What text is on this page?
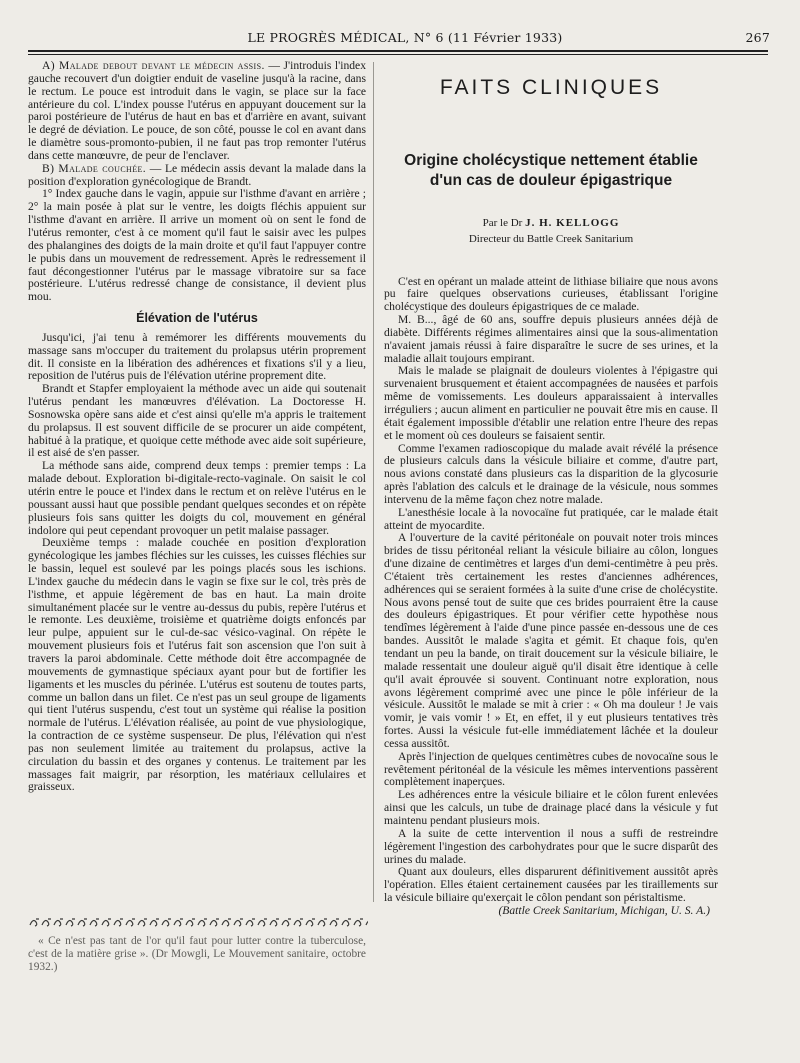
LE PROGRÈS MÉDICAL, N° 6 (11 Février 1933)	267

A) Malade debout devant le médecin assis. — J'introduis l'index gauche recouvert d'un doigtier enduit de vaseline jusqu'à la racine, dans le rectum. Le pouce est introduit dans le vagin, se place sur la face antérieure du col. L'index pousse l'utérus en appuyant doucement sur la paroi postérieure de l'utérus de haut en bas et d'arrière en avant, suivant le degré de déviation. Le pouce, de son côté, pousse le col en avant dans le diamètre sous-promonto-pubien, il ne faut pas trop remonter l'utérus dans cette manœuvre, de peur de l'enclaver.

B) Malade couchée. — Le médecin assis devant la malade dans la position d'exploration gynécologique de Brandt.

1° Index gauche dans le vagin, appuie sur l'isthme d'avant en arrière ; 2° la main posée à plat sur le ventre, les doigts fléchis appuient sur l'isthme d'avant en arrière. Il arrive un moment où on sent le fond de l'utérus remonter, c'est à ce moment qu'il faut le saisir avec les pulpes des phalangines des doigts de la main droite et qu'il faut l'appuyer contre le pubis dans un mouvement de redressement. Après le redressement il faut décongestionner l'utérus par le massage vibratoire sur sa face postérieure. L'utérus redressé change de consistance, il devient plus mou.

Élévation de l'utérus

Jusqu'ici, j'ai tenu à remémorer les différents mouvements du massage sans m'occuper du traitement du prolapsus utérin proprement dit. Il consiste en la libération des adhérences et fixations s'il y a lieu, reposition de l'utérus puis de l'élévation utérine proprement dite.

Brandt et Stapfer employaient la méthode avec un aide qui soutenait l'utérus pendant les manœuvres d'élévation. La Doctoresse H. Sosnowska opère sans aide et c'est ainsi qu'elle m'a appris le traitement du prolapsus. Il est souvent difficile de se procurer un aide compétent, habitué à la pratique, et quoique cette méthode avec aide soit supérieure, il est aisé de s'en passer.

La méthode sans aide, comprend deux temps : premier temps : La malade debout. Exploration bi-digitale-recto-vaginale. On saisit le col utérin entre le pouce et l'index dans le rectum et on relève l'utérus en le poussant aussi haut que possible pendant quelques secondes et on répète plusieurs fois sans quitter les doigts du col, mouvement en général indolore qui peut cependant provoquer un petit malaise passager.

Deuxième temps : malade couchée en position d'exploration gynécologique les jambes fléchies sur les cuisses, les cuisses fléchies sur le bassin, lequel est soulevé par les poings placés sous les ischions. L'index gauche du médecin dans le vagin se fixe sur le col, très près de l'isthme, et appuie légèrement de bas en haut. La main droite simultanément placée sur le ventre au-dessus du pubis, repère l'utérus et le remonte. Les deuxième, troisième et quatrième doigts enfoncés par leur pulpe, appuient sur le cul-de-sac vésico-vaginal. On répète le mouvement plusieurs fois et l'utérus fait son ascension que l'on suit à travers la paroi abdominale. Cette méthode doit être accompagnée de mouvements de gymnastique spéciaux ayant pour but de fortifier les ligaments et les muscles du périnée. L'utérus est soutenu de toutes parts, comme un ballon dans un filet. Ce n'est pas un seul groupe de ligaments qui tient l'utérus suspendu, c'est tout un système qui réalise la position normale de l'utérus. L'élévation réalisée, au point de vue physiologique, la contraction de ce système suspenseur. De plus, l'élévation qui n'est pas non seulement limitée au traitement du prolapsus, active la circulation du bassin et des organes y contenus. Le traitement par les massages fait maigrir, par résorption, les matériaux cellulaires et graisseux.

« Ce n'est pas tant de l'or qu'il faut pour lutter contre la tuberculose, c'est de la matière grise ». (Dr Mowgli, Le Mouvement sanitaire, octobre 1932.)

FAITS CLINIQUES
Origine cholécystique nettement établie
d'un cas de douleur épigastrique
Par le Dr J. H. KELLOGG
Directeur du Battle Creek Sanitarium

C'est en opérant un malade atteint de lithiase biliaire que nous avons pu faire quelques observations curieuses, établissant l'origine cholécystique des douleurs épigastriques de ce malade.

M. B..., âgé de 60 ans, souffre depuis plusieurs années déjà de diabète. Différents régimes alimentaires ainsi que la sous-alimentation n'avaient jamais réussi à faire disparaître le sucre de ses urines, et la maladie allait toujours empirant.

Mais le malade se plaignait de douleurs violentes à l'épigastre qui survenaient brusquement et étaient accompagnées de nausées et parfois même de vomissements. Les douleurs apparaissaient à intervalles irréguliers ; aucun aliment en particulier ne pouvait être mis en cause. Il était également impossible d'établir une relation entre l'heure des repas et le moment où ces douleurs se faisaient sentir.

Comme l'examen radioscopique du malade avait révélé la présence de plusieurs calculs dans la vésicule biliaire et comme, d'autre part, nous avions constaté dans plusieurs cas la disparition de la glycosurie après l'ablation des calculs et le drainage de la vésicule, nous sommes intervenu de la même façon chez notre malade.

L'anesthésie locale à la novocaïne fut pratiquée, car le malade était atteint de myocardite.

A l'ouverture de la cavité péritonéale on pouvait noter trois minces brides de tissu péritonéal reliant la vésicule biliaire au côlon, longues d'une dizaine de centimètres et larges d'un demi-centimètre à peu près. C'étaient très certainement les restes d'anciennes adhérences, adhérences qui se seraient formées à la suite d'une crise de cholécystite. Nous avons pensé tout de suite que ces brides pourraient être la cause des douleurs épigastriques. Et pour vérifier cette hypothèse nous tendîmes légèrement à l'aide d'une pince passée en-dessous une de ces bandes. Aussitôt le malade s'agita et gémit. Et chaque fois, qu'en tendant un peu la bande, on tirait doucement sur la vésicule biliaire, le malade ressentait une douleur aiguë qu'il disait être identique à celle qu'il avait éprouvée si souvent. Continuant notre exploration, nous avons légèrement comprimé avec une pince le pôle inférieur de la vésicule. Aussitôt le malade se mit à crier : « Oh ma douleur ! Je vais vomir, je vais vomir ! » Et, en effet, il y eut plusieurs tentatives très fortes. Aussi la vésicule fut-elle immédiatement lâchée et la douleur cessa aussitôt.

Après l'injection de quelques centimètres cubes de novocaïne sous le revêtement péritonéal de la vésicule les mêmes interventions passèrent complètement inaperçues.

Les adhérences entre la vésicule biliaire et le côlon furent enlevées ainsi que les calculs, un tube de drainage placé dans la vésicule y fut maintenu pendant plusieurs mois.

A la suite de cette intervention il nous a suffi de restreindre légèrement l'ingestion des carbohydrates pour que le sucre disparût des urines du malade.

Quant aux douleurs, elles disparurent définitivement aussitôt après l'opération. Elles étaient certainement causées par les tiraillements sur la vésicule biliaire qu'exerçait le côlon pendant son péristaltisme.

(Battle Creek Sanitarium, Michigan, U. S. A.)
